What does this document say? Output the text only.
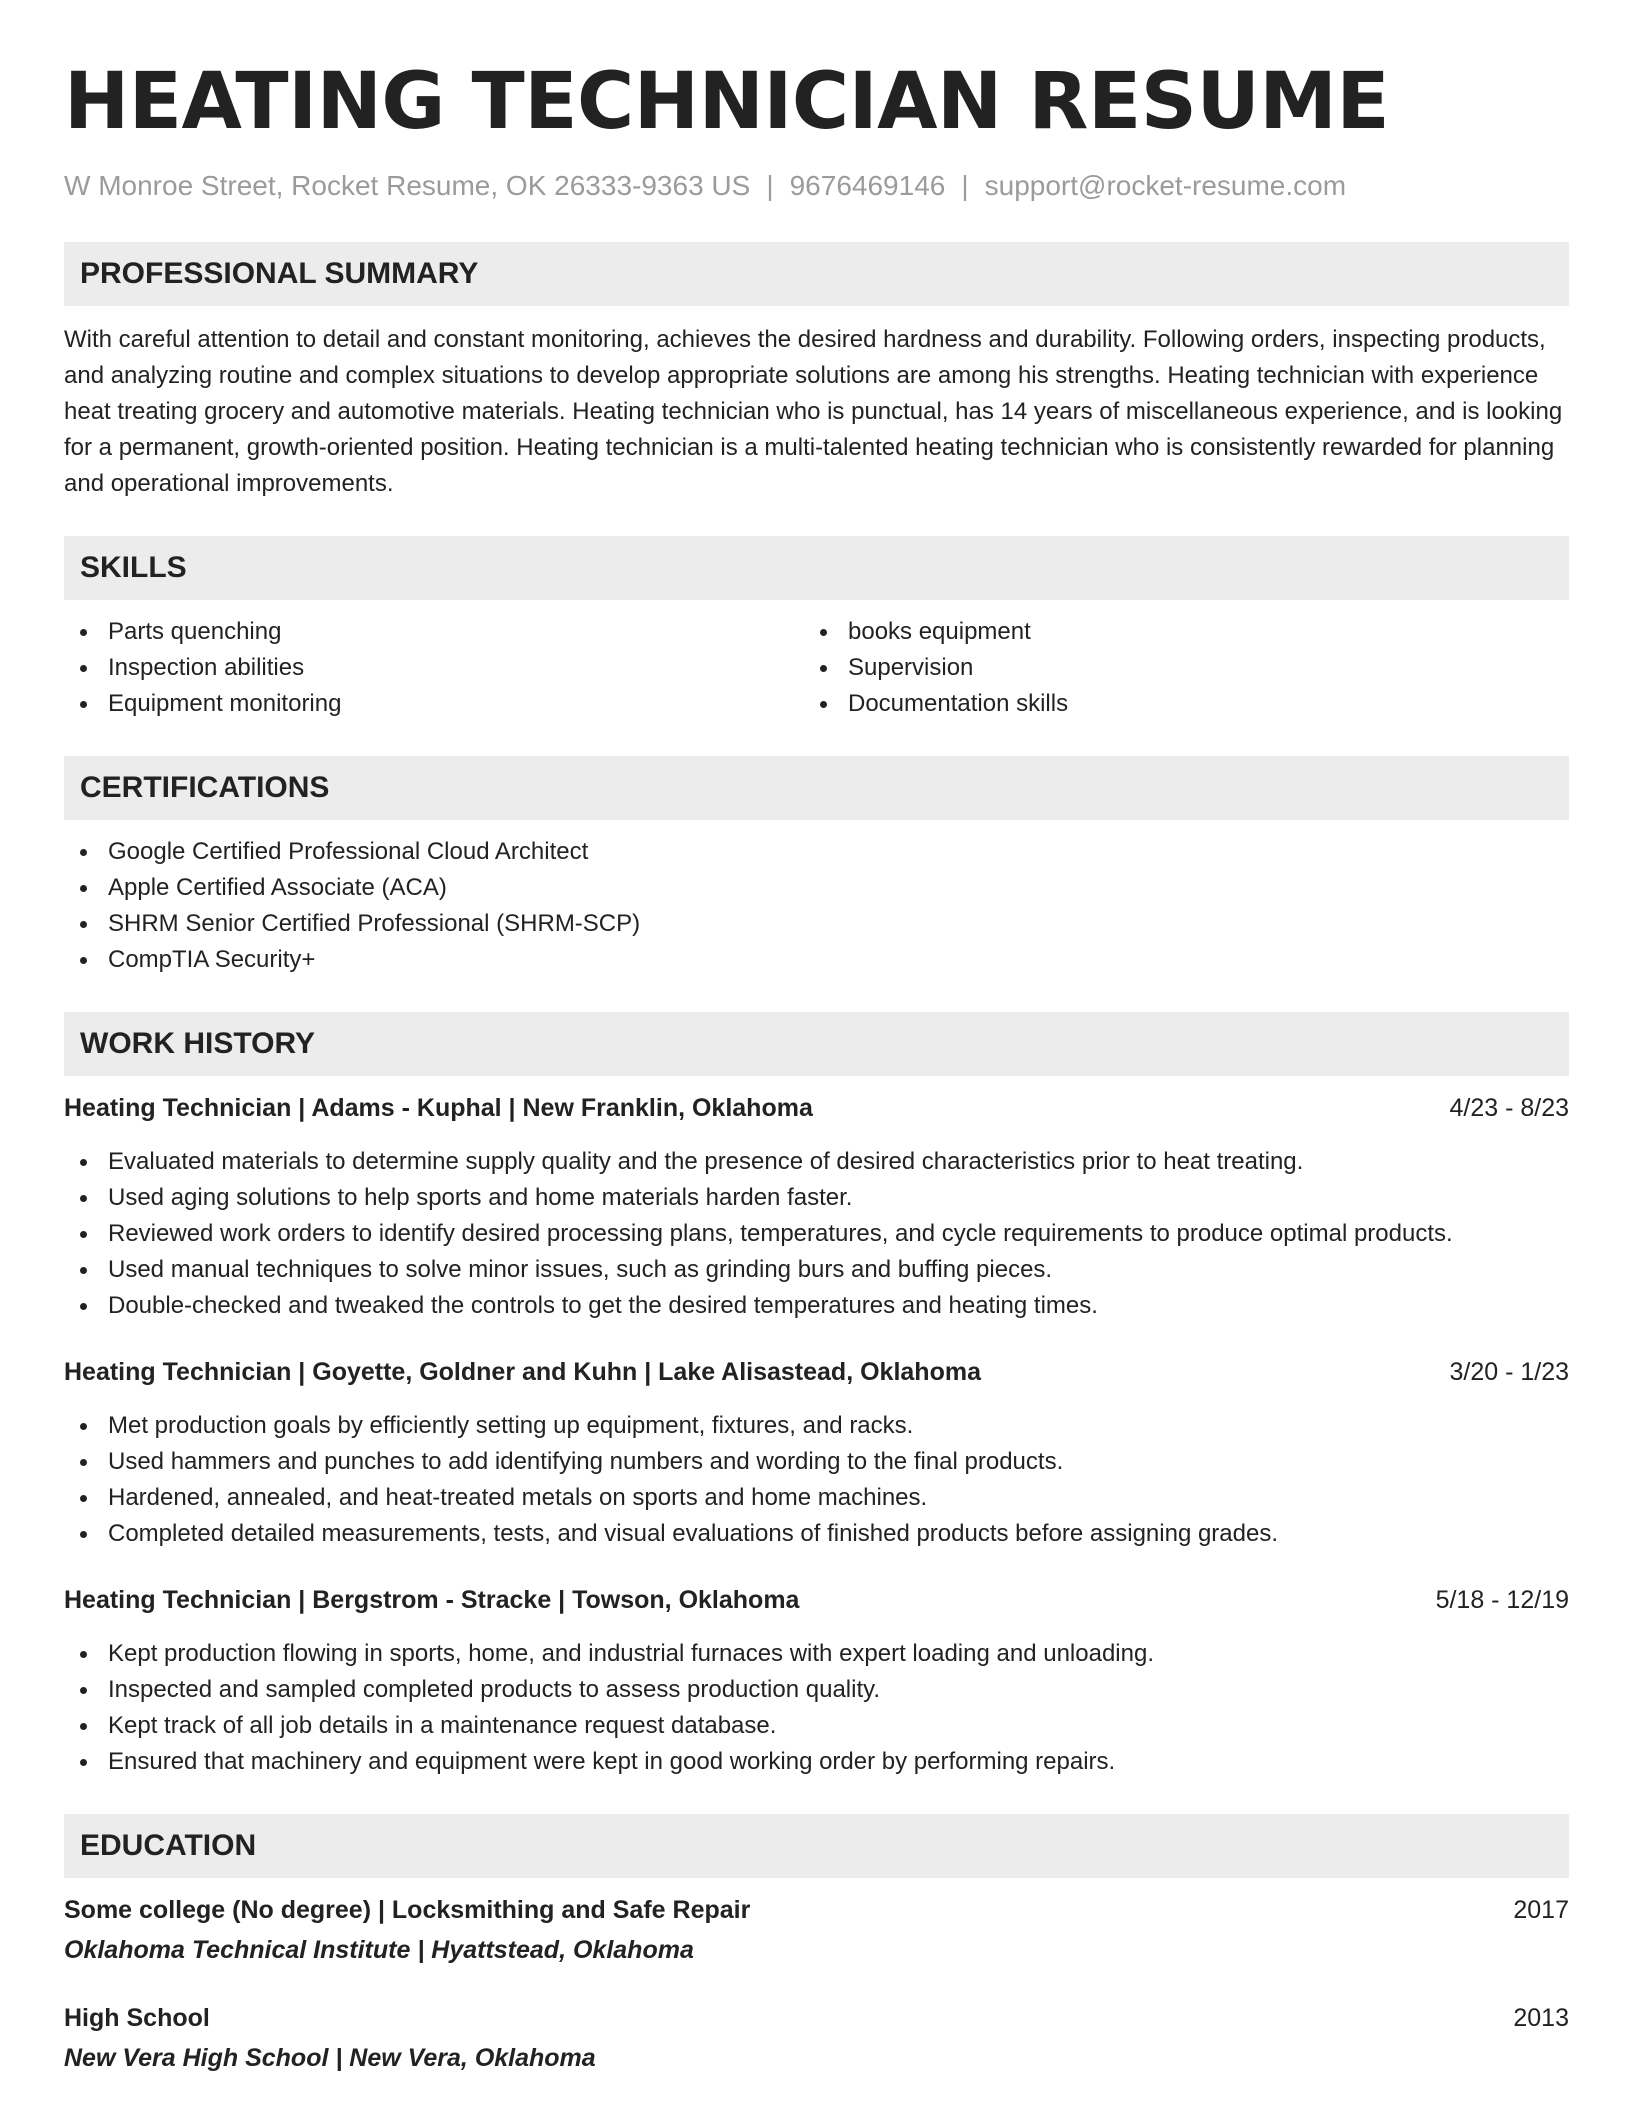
HEATING TECHNICIAN RESUME
W Monroe Street, Rocket Resume, OK 26333-9363 US | 9676469146 | support@rocket-resume.com
PROFESSIONAL SUMMARY

With careful attention to detail and constant monitoring, achieves the desired hardness and durability. Following orders, inspecting products, and analyzing routine and complex situations to develop appropriate solutions are among his strengths. Heating technician with experience heat treating grocery and automotive materials. Heating technician who is punctual, has 14 years of miscellaneous experience, and is looking for a permanent, growth-oriented position. Heating technician is a multi-talented heating technician who is consistently rewarded for planning and operational improvements.

SKILLS
Parts quenching
Inspection abilities
Equipment monitoring
books equipment
Supervision
Documentation skills
CERTIFICATIONS
Google Certified Professional Cloud Architect
Apple Certified Associate (ACA)
SHRM Senior Certified Professional (SHRM-SCP)
CompTIA Security+
WORK HISTORY
Heating Technician | Adams - Kuphal | New Franklin, Oklahoma	4/23 - 8/23
Evaluated materials to determine supply quality and the presence of desired characteristics prior to heat treating.
Used aging solutions to help sports and home materials harden faster.
Reviewed work orders to identify desired processing plans, temperatures, and cycle requirements to produce optimal products.
Used manual techniques to solve minor issues, such as grinding burs and buffing pieces.
Double-checked and tweaked the controls to get the desired temperatures and heating times.
Heating Technician | Goyette, Goldner and Kuhn | Lake Alisastead, Oklahoma	3/20 - 1/23
Met production goals by efficiently setting up equipment, fixtures, and racks.
Used hammers and punches to add identifying numbers and wording to the final products.
Hardened, annealed, and heat-treated metals on sports and home machines.
Completed detailed measurements, tests, and visual evaluations of finished products before assigning grades.
Heating Technician | Bergstrom - Stracke | Towson, Oklahoma	5/18 - 12/19
Kept production flowing in sports, home, and industrial furnaces with expert loading and unloading.
Inspected and sampled completed products to assess production quality.
Kept track of all job details in a maintenance request database.
Ensured that machinery and equipment were kept in good working order by performing repairs.
EDUCATION
Some college (No degree) | Locksmithing and Safe Repair	2017
Oklahoma Technical Institute | Hyattstead, Oklahoma
High School	2013
New Vera High School | New Vera, Oklahoma
